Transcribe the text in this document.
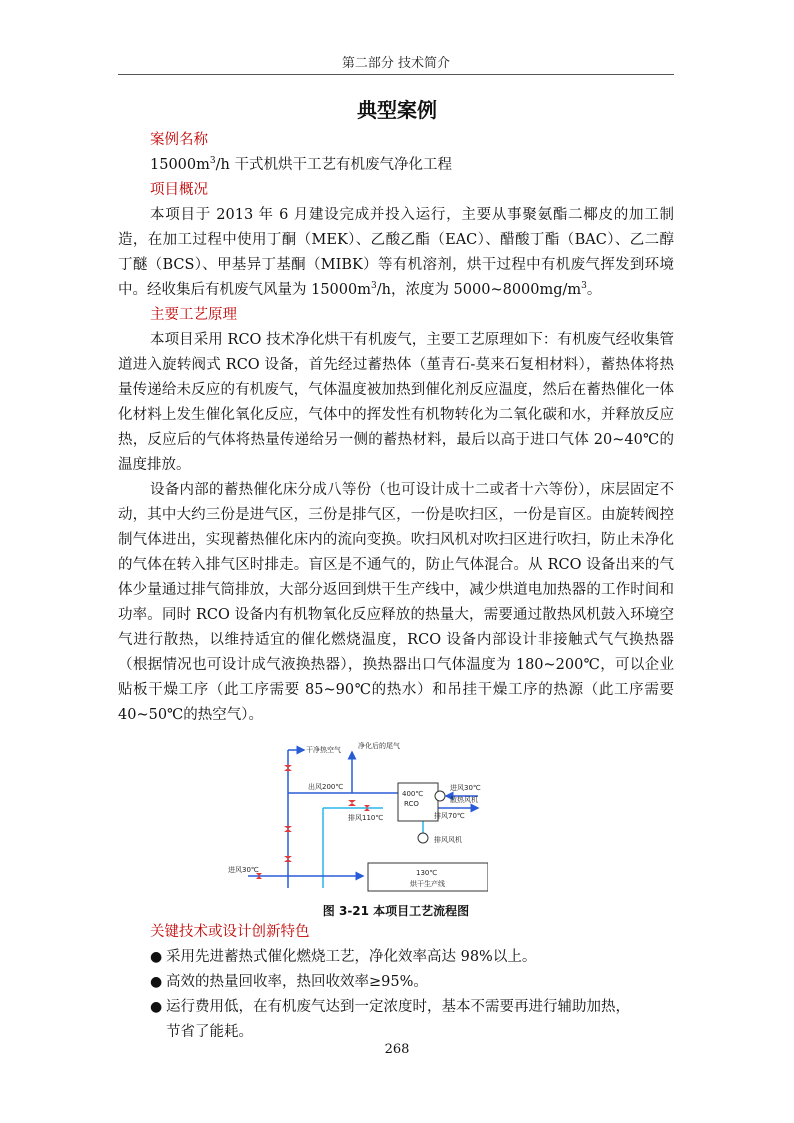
第二部分 技术简介
典型案例
案例名称

$15000m^3/h$ 干式机烘干工艺有机废气净化工程

项目概况

本项目于 2013 年 6 月建设完成并投入运行，主要从事聚氨酯二椰皮的加工制造，在加工过程中使用丁酮（MEK）、乙酸乙酯（EAC）、醋酸丁酯（BAC）、乙二醇丁醚（BCS）、甲基异丁基酮（MIBK）等有机溶剂，烘干过程中有机废气挥发到环境中。经收集后有机废气风量为 $15000m^3/h$，浓度为 $5000\sim 8000mg/m^3$。

主要工艺原理

本项目采用 RCO 技术净化烘干有机废气，主要工艺原理如下：有机废气经收集管道进入旋转阀式 RCO 设备，首先经过蓄热体（堇青石-莫来石复相材料），蓄热体将热量传递给未反应的有机废气，气体温度被加热到催化剂反应温度，然后在蓄热催化一体化材料上发生催化氧化反应，气体中的挥发性有机物转化为二氧化碳和水，并释放反应热，反应后的气体将热量传递给另一侧的蓄热材料，最后以高于进口气体 20~40℃的温度排放。

设备内部的蓄热催化床分成八等份（也可设计成十二或者十六等份），床层固定不动，其中大约三份是进气区，三份是排气区，一份是吹扫区，一份是盲区。由旋转阀控制气体进出，实现蓄热催化床内的流向变换。吹扫风机对吹扫区进行吹扫，防止未净化的气体在转入排气区时排走。盲区是不通气的，防止气体混合。从 RCO 设备出来的气体少量通过排气筒排放，大部分返回到烘干生产线中，减少烘道电加热器的工作时间和功率。同时 RCO 设备内有机物氧化反应释放的热量大，需要通过散热风机鼓入环境空气进行散热，以维持适宜的催化燃烧温度，RCO 设备内部设计非接触式气气换热器（根据情况也可设计成气液换热器），换热器出口气体温度为 180~200℃，可以企业贴板干燥工序（此工序需要 85~90℃的热水）和吊挂干燥工序的热源（此工序需要 40~50℃的热空气）。

干净热空气 净化后的尾气
出风200℃
400℃
RCO
进风30℃
散热风机
排风70℃
排风110℃
排风风机
进风30℃	130℃
烘干生产线
图 3-21 本项目工艺流程图
关键技术或设计创新特色
● 采用先进蓄热式催化燃烧工艺，净化效率高达 98%以上。
● 高效的热量回收率，热回收效率≥95%。
● 运行费用低，在有机废气达到一定浓度时，基本不需要再进行辅助加热，
节省了能耗。
268
